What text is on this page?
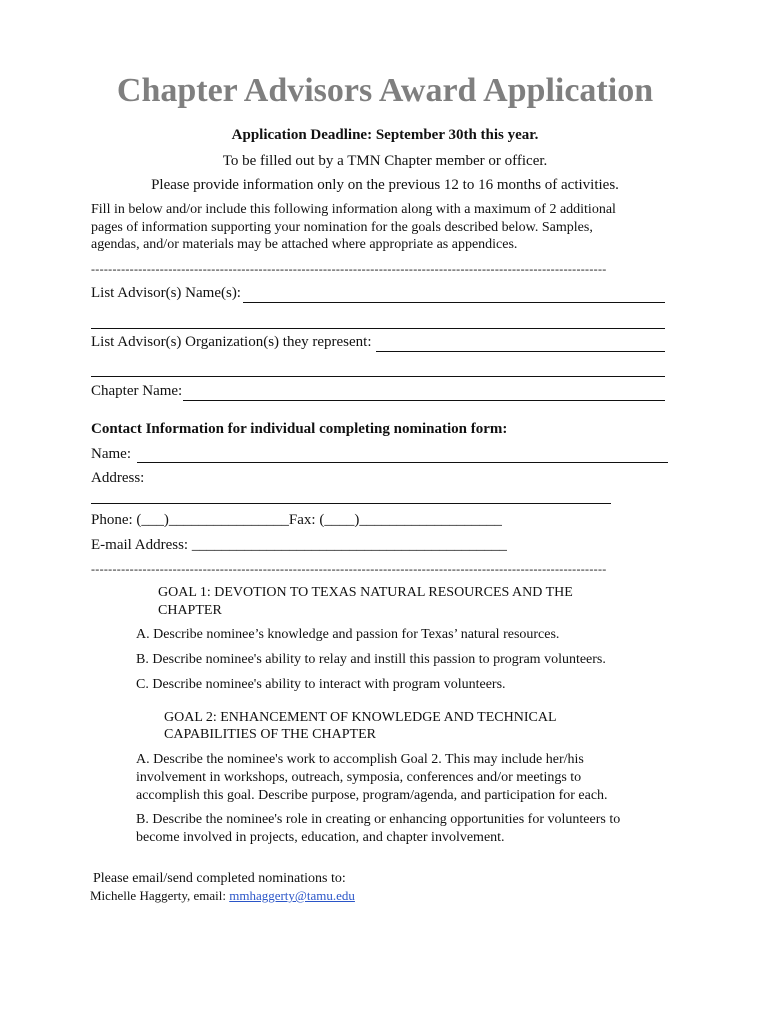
Chapter Advisors Award Application
Application Deadline: September 30th this year.
To be filled out by a TMN Chapter member or officer.
Please provide information only on the previous 12 to 16 months of activities.
Fill in below and/or include this following information along with a maximum of 2 additional
pages of information supporting your nomination for the goals described below. Samples,
agendas, and/or materials may be attached where appropriate as appendices.
------------------------------------------------------------------------------------------------------------------------
List Advisor(s) Name(s):
List Advisor(s) Organization(s) they represent:
Chapter Name:
Contact Information for individual completing nomination form:
Name:
Address:
Phone: (___)________________Fax: (____)___________________
E-mail Address: __________________________________________
------------------------------------------------------------------------------------------------------------------------
GOAL 1: DEVOTION TO TEXAS NATURAL RESOURCES AND THE
CHAPTER
A. Describe nominee’s knowledge and passion for Texas’ natural resources.
B. Describe nominee's ability to relay and instill this passion to program volunteers.
C. Describe nominee's ability to interact with program volunteers.
GOAL 2: ENHANCEMENT OF KNOWLEDGE AND TECHNICAL
CAPABILITIES OF THE CHAPTER
A. Describe the nominee's work to accomplish Goal 2. This may include her/his
involvement in workshops, outreach, symposia, conferences and/or meetings to
accomplish this goal. Describe purpose, program/agenda, and participation for each.
B. Describe the nominee's role in creating or enhancing opportunities for volunteers to
become involved in projects, education, and chapter involvement.
Please email/send completed nominations to:
Michelle Haggerty, email: mmhaggerty@tamu.edu
